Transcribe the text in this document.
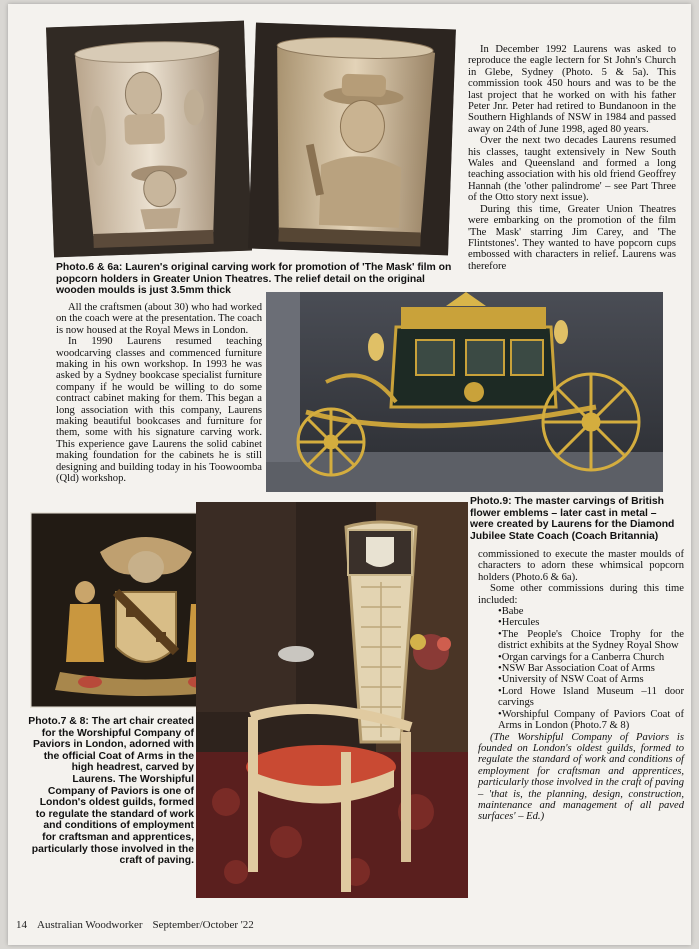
Photo.6 & 6a: Lauren's original carving work for promotion of 'The Mask' film on popcorn holders in Greater Union Theatres. The relief detail on the original wooden moulds is just 3.5mm thick

In December 1992 Laurens was asked to reproduce the eagle lectern for St John's Church in Glebe, Sydney (Photo. 5 & 5a). This commission took 450 hours and was to be the last project that he worked on with his father Peter Jnr. Peter had retired to Bundanoon in the Southern Highlands of NSW in 1984 and passed away on 24th of June 1998, aged 80 years.

Over the next two decades Laurens resumed his classes, taught extensively in New South Wales and Queensland and formed a long teaching association with his old friend Geoffrey Hannah (the 'other palindrome' – see Part Three of the Otto story next issue).

During this time, Greater Union Theatres were embarking on the promotion of the film 'The Mask' starring Jim Carey, and 'The Flintstones'. They wanted to have popcorn cups embossed with characters in relief. Laurens was therefore

All the craftsmen (about 30) who had worked on the coach were at the presentation. The coach is now housed at the Royal Mews in London.

In 1990 Laurens resumed teaching woodcarving classes and commenced furniture making in his own workshop. In 1993 he was asked by a Sydney bookcase specialist furniture company if he would be willing to do some contract cabinet making for them. This began a long association with this company, Laurens making beautiful bookcases and furniture for them, some with his signature carving work. This experience gave Laurens the solid cabinet making foundation for the cabinets he is still designing and building today in his Toowoomba (Qld) workshop.

Photo.9: The master carvings of British flower emblems – later cast in metal – were created by Laurens for the Diamond Jubilee State Coach (Coach Britannia)
Photo.7 & 8: The art chair created for the Worshipful Company of Paviors in London, adorned with the official Coat of Arms in the high headrest, carved by Laurens. The Worshipful Company of Paviors is one of London's oldest guilds, formed to regulate the standard of work and conditions of employment for craftsman and apprentices, particularly those involved in the craft of paving.

commissioned to execute the master moulds of characters to adorn these whimsical popcorn holders (Photo.6 & 6a).

Some other commissions during this time included:

•Babe
•Hercules
•The People's Choice Trophy for the district exhibits at the Sydney Royal Show
•Organ carvings for a Canberra Church
•NSW Bar Association Coat of Arms
•University of NSW Coat of Arms
•Lord Howe Island Museum –11 door carvings
•Worshipful Company of Paviors Coat of Arms in London (Photo.7 & 8)

(The Worshipful Company of Paviors is founded on London's oldest guilds, formed to regulate the standard of work and conditions of employment for craftsman and apprentices, particularly those involved in the craft of paving – 'that is, the planning, design, construction, maintenance and management of all paved surfaces' – Ed.)

14 Australian Woodworker September/October '22
